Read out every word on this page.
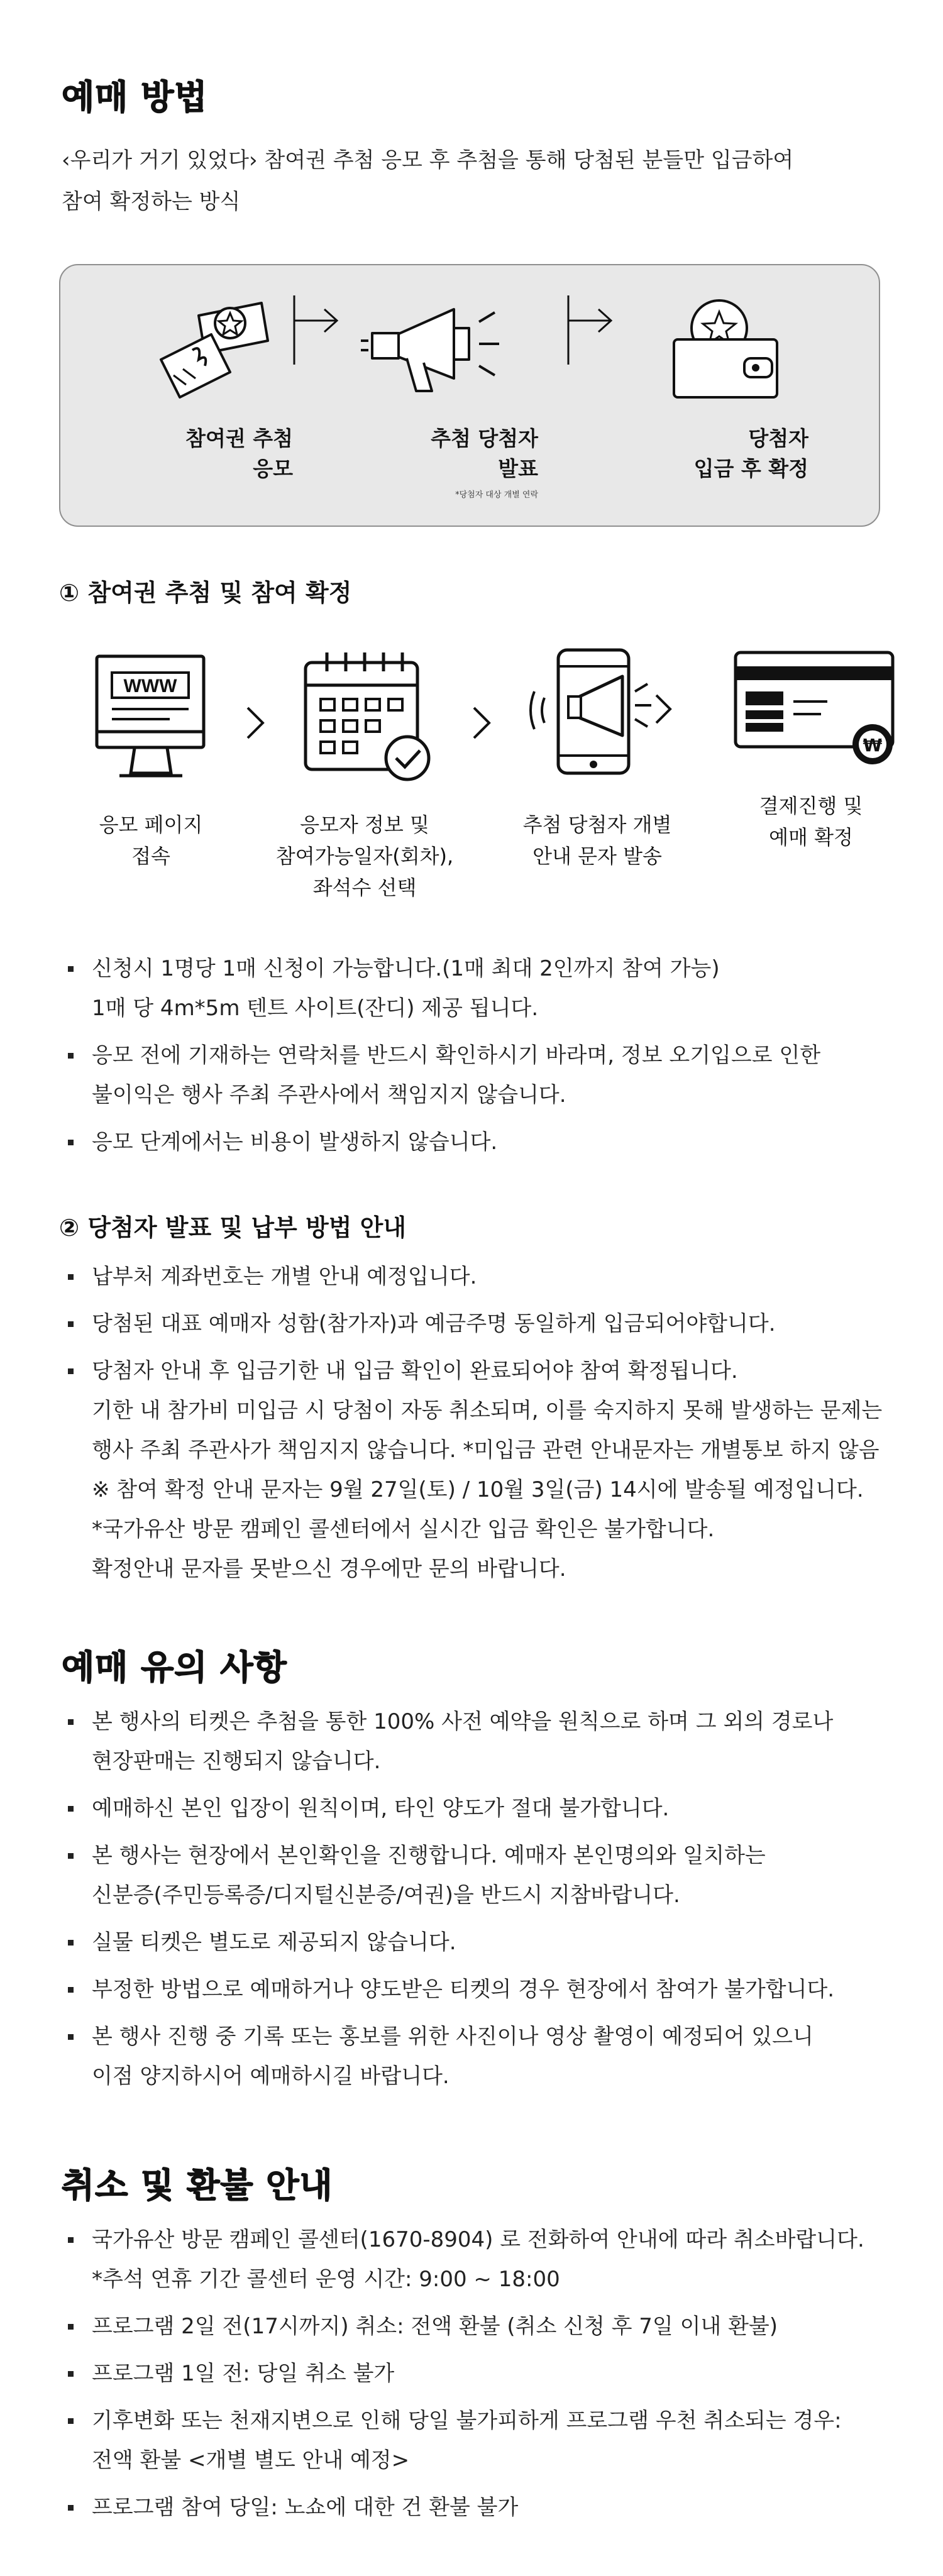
예매 방법
‹우리가 거기 있었다› 참여권 추첨 응모 후 추첨을 통해 당첨된 분들만 입금하여
참여 확정하는 방식
참여권 추첨
응모
추첨 당첨자
발표
*당첨자 대상 개별 연락
당첨자
입금 후 확정
① 참여권 추첨 및 참여 확정
WWW
₩
응모 페이지
접속
응모자 정보 및
참여가능일자(회차),
좌석수 선택
추첨 당첨자 개별
안내 문자 발송
결제진행 및
예매 확정
신청시 1명당 1매 신청이 가능합니다.(1매 최대 2인까지 참여 가능)
1매 당 4m*5m 텐트 사이트(잔디) 제공 됩니다.
응모 전에 기재하는 연락처를 반드시 확인하시기 바라며, 정보 오기입으로 인한
불이익은 행사 주최 주관사에서 책임지지 않습니다.
응모 단계에서는 비용이 발생하지 않습니다.
② 당첨자 발표 및 납부 방법 안내
납부처 계좌번호는 개별 안내 예정입니다.
당첨된 대표 예매자 성함(참가자)과 예금주명 동일하게 입금되어야합니다.
당첨자 안내 후 입금기한 내 입금 확인이 완료되어야 참여 확정됩니다.
기한 내 참가비 미입금 시 당첨이 자동 취소되며, 이를 숙지하지 못해 발생하는 문제는
행사 주최 주관사가 책임지지 않습니다. *미입금 관련 안내문자는 개별통보 하지 않음
※ 참여 확정 안내 문자는 9월 27일(토) / 10월 3일(금) 14시에 발송될 예정입니다.
*국가유산 방문 캠페인 콜센터에서 실시간 입금 확인은 불가합니다.
확정안내 문자를 못받으신 경우에만 문의 바랍니다.
예매 유의 사항
본 행사의 티켓은 추첨을 통한 100% 사전 예약을 원칙으로 하며 그 외의 경로나
현장판매는 진행되지 않습니다.
예매하신 본인 입장이 원칙이며, 타인 양도가 절대 불가합니다.
본 행사는 현장에서 본인확인을 진행합니다. 예매자 본인명의와 일치하는
신분증(주민등록증/디지털신분증/여권)을 반드시 지참바랍니다.
실물 티켓은 별도로 제공되지 않습니다.
부정한 방법으로 예매하거나 양도받은 티켓의 경우 현장에서 참여가 불가합니다.
본 행사 진행 중 기록 또는 홍보를 위한 사진이나 영상 촬영이 예정되어 있으니
이점 양지하시어 예매하시길 바랍니다.
취소 및 환불 안내
국가유산 방문 캠페인 콜센터(1670-8904) 로 전화하여 안내에 따라 취소바랍니다.
*추석 연휴 기간 콜센터 운영 시간: 9:00 ~ 18:00
프로그램 2일 전(17시까지) 취소: 전액 환불 (취소 신청 후 7일 이내 환불)
프로그램 1일 전: 당일 취소 불가
기후변화 또는 천재지변으로 인해 당일 불가피하게 프로그램 우천 취소되는 경우:
전액 환불 <개별 별도 안내 예정>
프로그램 참여 당일: 노쇼에 대한 건 환불 불가
